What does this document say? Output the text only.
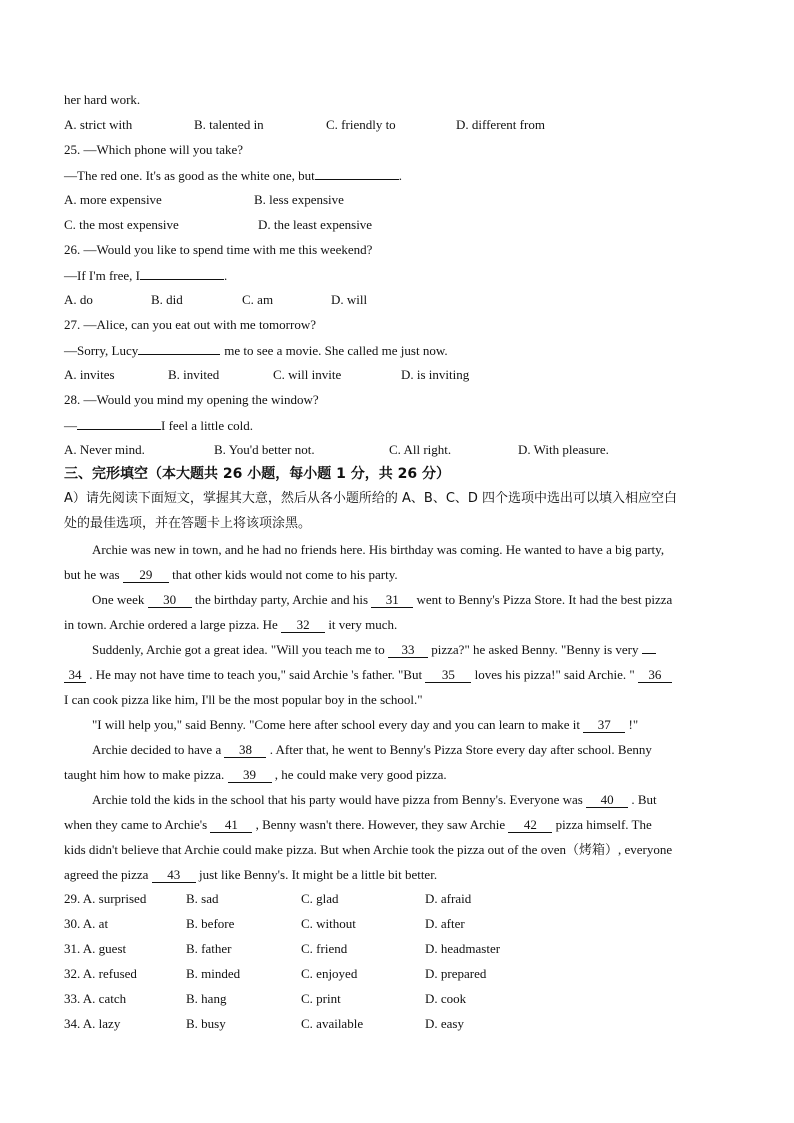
her hard work.
A. strict with	B. talented in	C. friendly to	D. different from
25. —Which phone will you take?
—The red one. It's as good as the white one, but	.
A. more expensive	B. less expensive
C. the most expensive	D. the least expensive
26. —Would you like to spend time with me this weekend?
—If I'm free, I	.
A. do	B. did	C. am	D. will
27. —Alice, can you eat out with me tomorrow?
—Sorry, Lucy	me to see a movie. She called me just now.
A. invites	B. invited	C. will invite	D. is inviting
28. —Would you mind my opening the window?
—	I feel a little cold.
A. Never mind.	B. You'd better not.	C. All right.	D. With pleasure.
三、完形填空（本大题共 26 小题，每小题 1 分，共 26 分）
A）请先阅读下面短文，掌握其大意，然后从各小题所给的 A、B、C、D 四个选项中选出可以填入相应空白
处的最佳选项，并在答题卡上将该项涂黑。
Archie was new in town, and he had no friends here. His birthday was coming. He wanted to have a big party,
but he was 29 that other kids would not come to his party.
One week 30 the birthday party, Archie and his 31 went to Benny's Pizza Store. It had the best pizza
in town. Archie ordered a large pizza. He 32 it very much.
Suddenly, Archie got a great idea. "Will you teach me to 33 pizza?" he asked Benny. "Benny is very
34 . He may not have time to teach you," said Archie 's father. "But 35 loves his pizza!" said Archie. " 36
I can cook pizza like him, I'll be the most popular boy in the school."
"I will help you," said Benny. "Come here after school every day and you can learn to make it 37 !"
Archie decided to have a 38 . After that, he went to Benny's Pizza Store every day after school. Benny
taught him how to make pizza. 39 , he could make very good pizza.
Archie told the kids in the school that his party would have pizza from Benny's. Everyone was 40 . But
when they came to Archie's 41 , Benny wasn't there. However, they saw Archie 42 pizza himself. The
kids didn't believe that Archie could make pizza. But when Archie took the pizza out of the oven（烤箱）, everyone
agreed the pizza 43 just like Benny's. It might be a little bit better.
29. A. surprised	B. sad	C. glad	D. afraid
30. A. at	B. before	C. without	D. after
31. A. guest	B. father	C. friend	D. headmaster
32. A. refused	B. minded	C. enjoyed	D. prepared
33. A. catch	B. hang	C. print	D. cook
34. A. lazy	B. busy	C. available	D. easy
